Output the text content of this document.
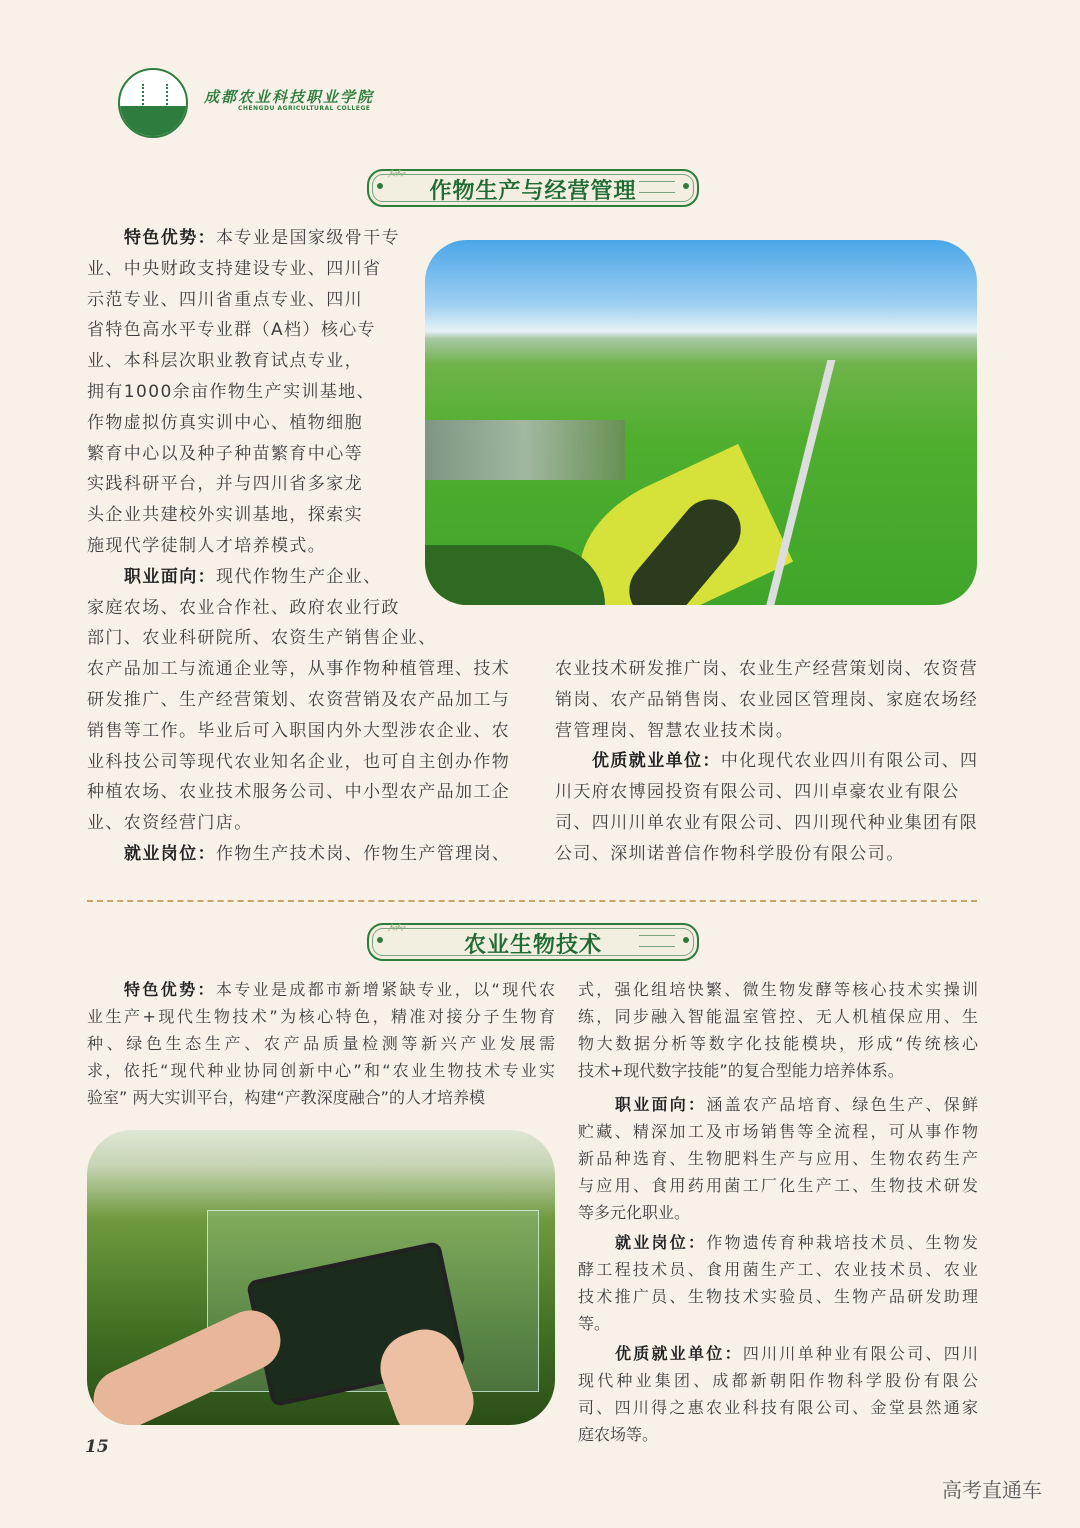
成都农业科技职业学院
CHENGDU AGRICULTURAL COLLEGE
⺮	作物生产与经营管理
特色优势：本专业是国家级骨干专
业、中央财政支持建设专业、四川省
示范专业、四川省重点专业、四川
省特色高水平专业群（A档）核心专
业、本科层次职业教育试点专业，
拥有1000余亩作物生产实训基地、
作物虚拟仿真实训中心、植物细胞
繁育中心以及种子种苗繁育中心等
实践科研平台，并与四川省多家龙
头企业共建校外实训基地，探索实
施现代学徒制人才培养模式。
职业面向：现代作物生产企业、
家庭农场、农业合作社、政府农业行政
部门、农业科研院所、农资生产销售企业、
农产品加工与流通企业等，从事作物种植管理、技术
研发推广、生产经营策划、农资营销及农产品加工与
销售等工作。毕业后可入职国内外大型涉农企业、农
业科技公司等现代农业知名企业，也可自主创办作物
种植农场、农业技术服务公司、中小型农产品加工企
业、农资经营门店。
就业岗位：作物生产技术岗、作物生产管理岗、
农业技术研发推广岗、农业生产经营策划岗、农资营
销岗、农产品销售岗、农业园区管理岗、家庭农场经
营管理岗、智慧农业技术岗。
优质就业单位：中化现代农业四川有限公司、四
川天府农博园投资有限公司、四川卓豪农业有限公
司、四川川单农业有限公司、四川现代种业集团有限
公司、深圳诺普信作物科学股份有限公司。
⺮	农业生物技术
特色优势：本专业是成都市新增紧缺专业，以“现代农
业生产+现代生物技术”为核心特色，精准对接分子生物育
种、绿色生态生产、农产品质量检测等新兴产业发展需
求，依托“现代种业协同创新中心”和“农业生物技术专业实
验室” 两大实训平台，构建“产教深度融合”的人才培养模
式，强化组培快繁、微生物发酵等核心技术实操训
练，同步融入智能温室管控、无人机植保应用、生
物大数据分析等数字化技能模块，形成“传统核心
技术+现代数字技能”的复合型能力培养体系。
职业面向：涵盖农产品培育、绿色生产、保鲜
贮藏、精深加工及市场销售等全流程，可从事作物
新品种选育、生物肥料生产与应用、生物农药生产
与应用、食用药用菌工厂化生产工、生物技术研发
等多元化职业。
就业岗位：作物遗传育种栽培技术员、生物发
酵工程技术员、食用菌生产工、农业技术员、农业
技术推广员、生物技术实验员、生物产品研发助理
等。
优质就业单位：四川川单种业有限公司、四川
现代种业集团、成都新朝阳作物科学股份有限公
司、四川得之惠农业科技有限公司、金堂县然通家
庭农场等。
15
高考直通车
